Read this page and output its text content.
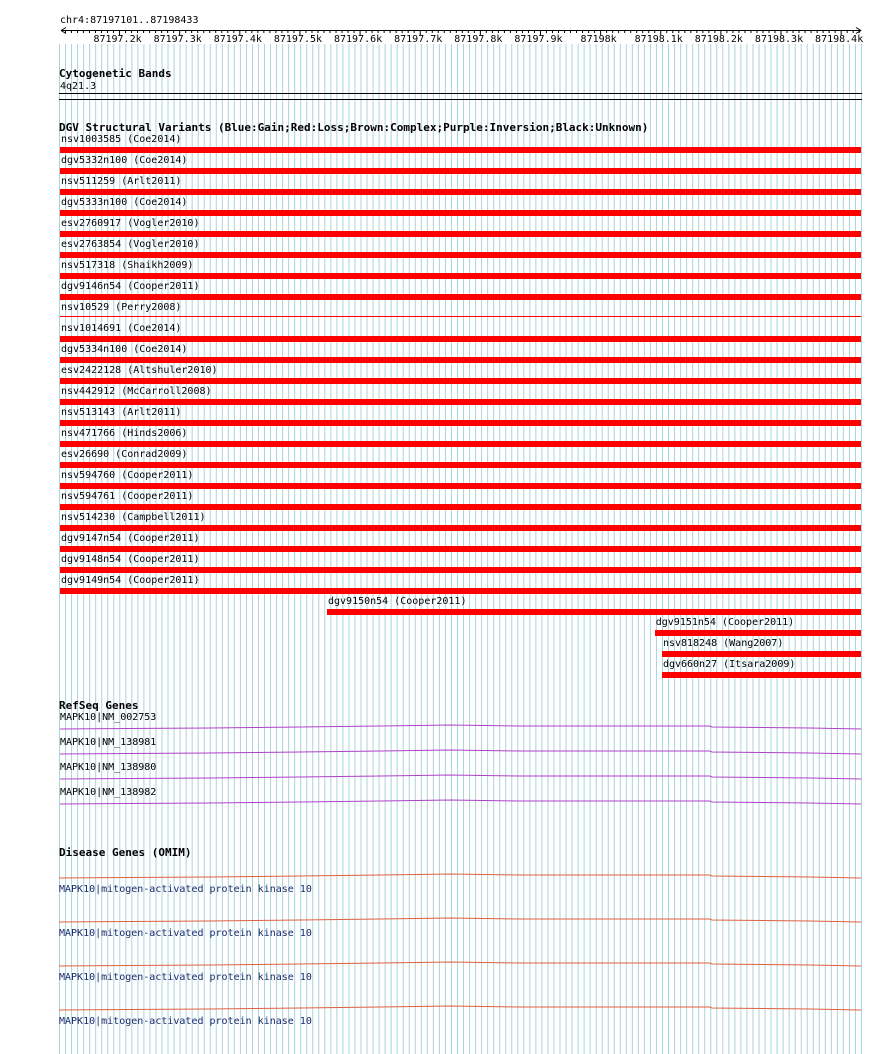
chr4:87197101..87198433
87197.2k 87197.3k 87197.4k 87197.5k 87197.6k 87197.7k 87197.8k 87197.9k 87198k 87198.1k 87198.2k 87198.3k 87198.4k
Cytogenetic Bands
4q21.3
DGV Structural Variants (Blue:Gain;Red:Loss;Brown:Complex;Purple:Inversion;Black:Unknown)
nsv1003585 (Coe2014)
dgv5332n100 (Coe2014)
nsv511259 (Arlt2011)
dgv5333n100 (Coe2014)
esv2760917 (Vogler2010)
esv2763854 (Vogler2010)
nsv517318 (Shaikh2009)
dgv9146n54 (Cooper2011)
nsv10529 (Perry2008)
nsv1014691 (Coe2014)
dgv5334n100 (Coe2014)
esv2422128 (Altshuler2010)
nsv442912 (McCarroll2008)
nsv513143 (Arlt2011)
nsv471766 (Hinds2006)
esv26690 (Conrad2009)
nsv594760 (Cooper2011)
nsv594761 (Cooper2011)
nsv514230 (Campbell2011)
dgv9147n54 (Cooper2011)
dgv9148n54 (Cooper2011)
dgv9149n54 (Cooper2011)
dgv9150n54 (Cooper2011)
dgv9151n54 (Cooper2011)
nsv818248 (Wang2007)
dgv660n27 (Itsara2009)
RefSeq Genes
MAPK10|NM_002753
MAPK10|NM_138981
MAPK10|NM_138980
MAPK10|NM_138982
Disease Genes (OMIM)
MAPK10|mitogen-activated protein kinase 10
MAPK10|mitogen-activated protein kinase 10
MAPK10|mitogen-activated protein kinase 10
MAPK10|mitogen-activated protein kinase 10
